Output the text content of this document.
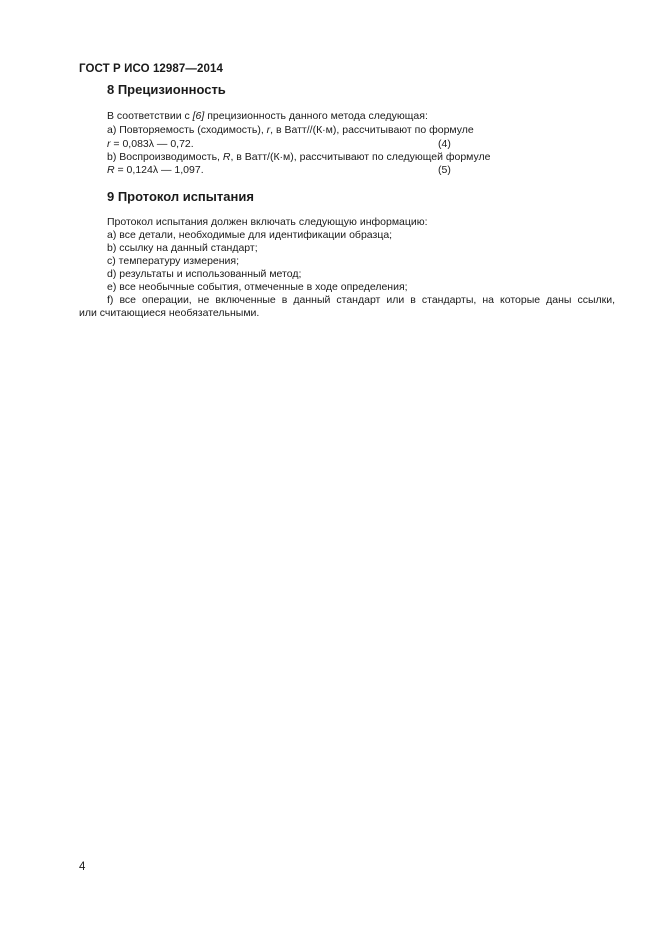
ГОСТ Р ИСО 12987—2014
8 Прецизионность
В соответствии с [6] прецизионность данного метода следующая:
a) Повторяемость (сходимость), r, в Ватт//(К·м), рассчитывают по формуле
r = 0,083λ — 0,72.	(4)
b) Воспроизводимость, R, в Ватт/(К·м), рассчитывают по следующей формуле
R = 0,124λ — 1,097.	(5)
9 Протокол испытания
Протокол испытания должен включать следующую информацию:
a) все детали, необходимые для идентификации образца;
b) ссылку на данный стандарт;
c) температуру измерения;
d) результаты и использованный метод;
e) все необычные события, отмеченные в ходе определения;
f) все операции, не включенные в данный стандарт или в стандарты, на которые даны ссылки,
или считающиеся необязательными.
4
